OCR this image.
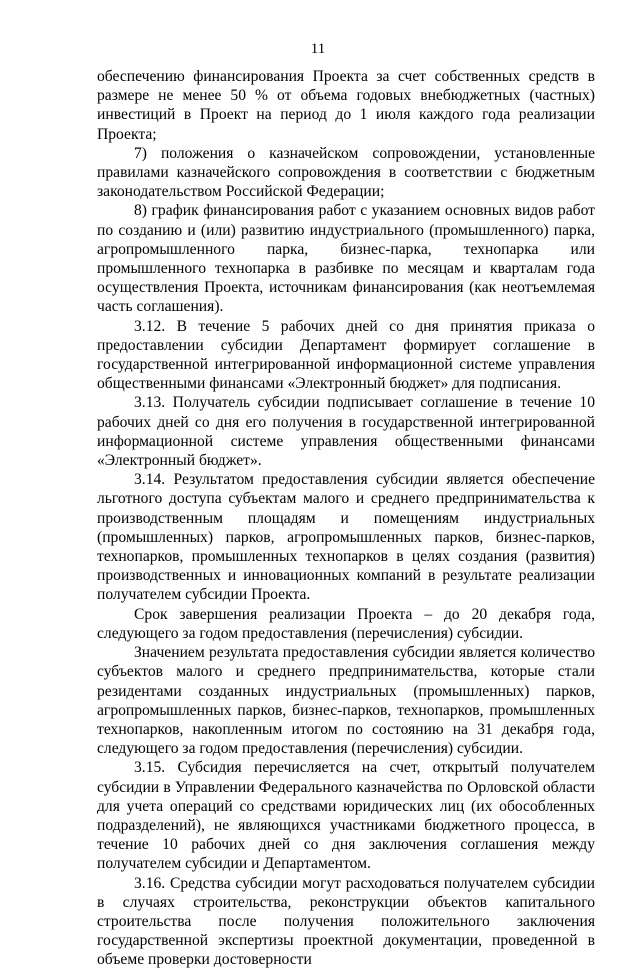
11

обеспечению финансирования Проекта за счет собственных средств в размере не менее 50 % от объема годовых внебюджетных (частных) инвестиций в Проект на период до 1 июля каждого года реализации Проекта;

7) положения о казначейском сопровождении, установленные правилами казначейского сопровождения в соответствии с бюджетным законодательством Российской Федерации;

8) график финансирования работ с указанием основных видов работ по созданию и (или) развитию индустриального (промышленного) парка, агропромышленного парка, бизнес-парка, технопарка или промышленного технопарка в разбивке по месяцам и кварталам года осуществления Проекта, источникам финансирования (как неотъемлемая часть соглашения).

3.12. В течение 5 рабочих дней со дня принятия приказа о предоставлении субсидии Департамент формирует соглашение в государственной интегрированной информационной системе управления общественными финансами «Электронный бюджет» для подписания.

3.13. Получатель субсидии подписывает соглашение в течение 10 рабочих дней со дня его получения в государственной интегрированной информационной системе управления общественными финансами «Электронный бюджет».

3.14. Результатом предоставления субсидии является обеспечение льготного доступа субъектам малого и среднего предпринимательства к производственным площадям и помещениям индустриальных (промышленных) парков, агропромышленных парков, бизнес-парков, технопарков, промышленных технопарков в целях создания (развития) производственных и инновационных компаний в результате реализации получателем субсидии Проекта.

Срок завершения реализации Проекта – до 20 декабря года, следующего за годом предоставления (перечисления) субсидии.

Значением результата предоставления субсидии является количество субъектов малого и среднего предпринимательства, которые стали резидентами созданных индустриальных (промышленных) парков, агропромышленных парков, бизнес-парков, технопарков, промышленных технопарков, накопленным итогом по состоянию на 31 декабря года, следующего за годом предоставления (перечисления) субсидии.

3.15. Субсидия перечисляется на счет, открытый получателем субсидии в Управлении Федерального казначейства по Орловской области для учета операций со средствами юридических лиц (их обособленных подразделений), не являющихся участниками бюджетного процесса, в течение 10 рабочих дней со дня заключения соглашения между получателем субсидии и Департаментом.

3.16. Средства субсидии могут расходоваться получателем субсидии в случаях строительства, реконструкции объектов капитального строительства после получения положительного заключения государственной экспертизы проектной документации, проведенной в объеме проверки достоверности
